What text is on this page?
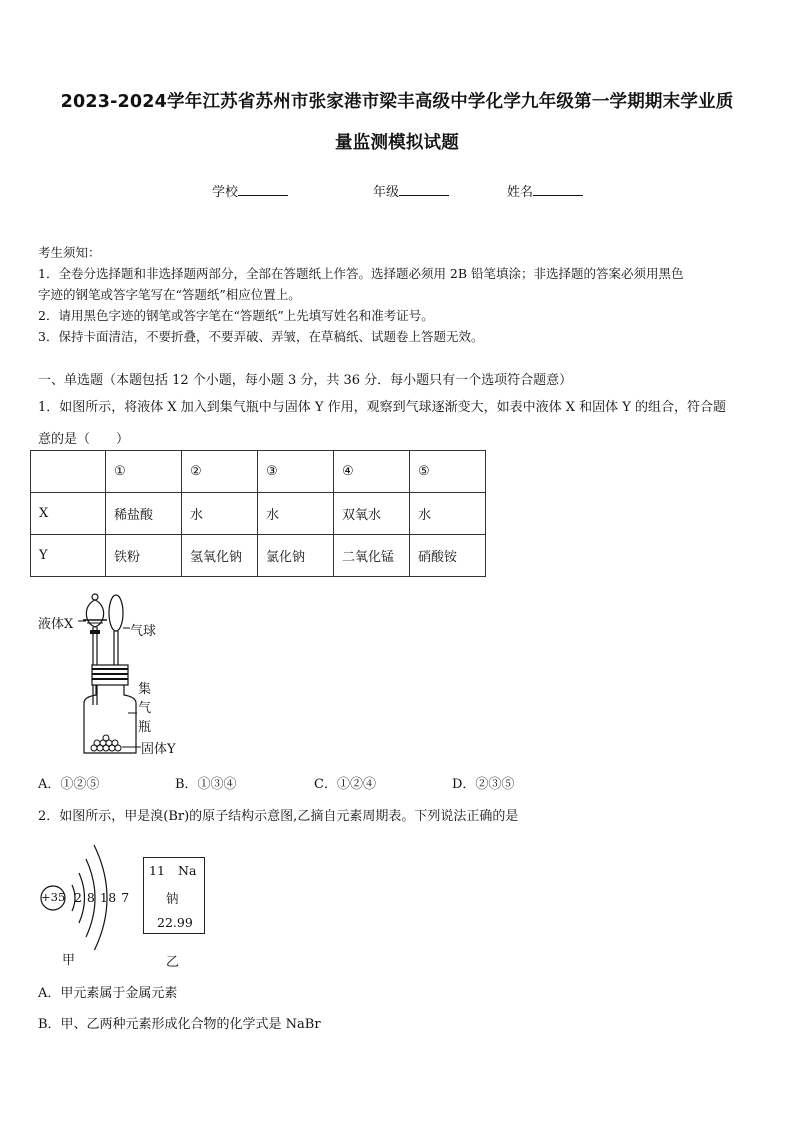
2023-2024学年江苏省苏州市张家港市梁丰高级中学化学九年级第一学期期末学业质
量监测模拟试题
学校	年级	姓名
考生须知：
1．全卷分选择题和非选择题两部分，全部在答题纸上作答。选择题必须用 2B 铅笔填涂；非选择题的答案必须用黑色
字迹的钢笔或答字笔写在“答题纸”相应位置上。
2．请用黑色字迹的钢笔或答字笔在“答题纸”上先填写姓名和准考证号。
3．保持卡面清洁，不要折叠，不要弄破、弄皱，在草稿纸、试题卷上答题无效。
一、单选题（本题包括 12 个小题，每小题 3 分，共 36 分．每小题只有一个选项符合题意）
1．如图所示，将液体 X 加入到集气瓶中与固体 Y 作用，观察到气球逐渐变大，如表中液体 X 和固体 Y 的组合，符合题
意的是（　　）
	①	②	③	④	⑤
X	稀盐酸	水	水	双氧水	水
Y	铁粉	氢氧化钠	氯化钠	二氧化锰	硝酸铵
液体X	气球
集
气
瓶
固体Y
A．①②⑤	B．①③④	C．①②④	D．②③⑤
2．如图所示，甲是溴(Br)的原子结构示意图,乙摘自元素周期表。下列说法正确的是
+35 2 8 18 7
甲
11 Na
钠
22.99
乙
A．甲元素属于金属元素
B．甲、乙两种元素形成化合物的化学式是 NaBr
